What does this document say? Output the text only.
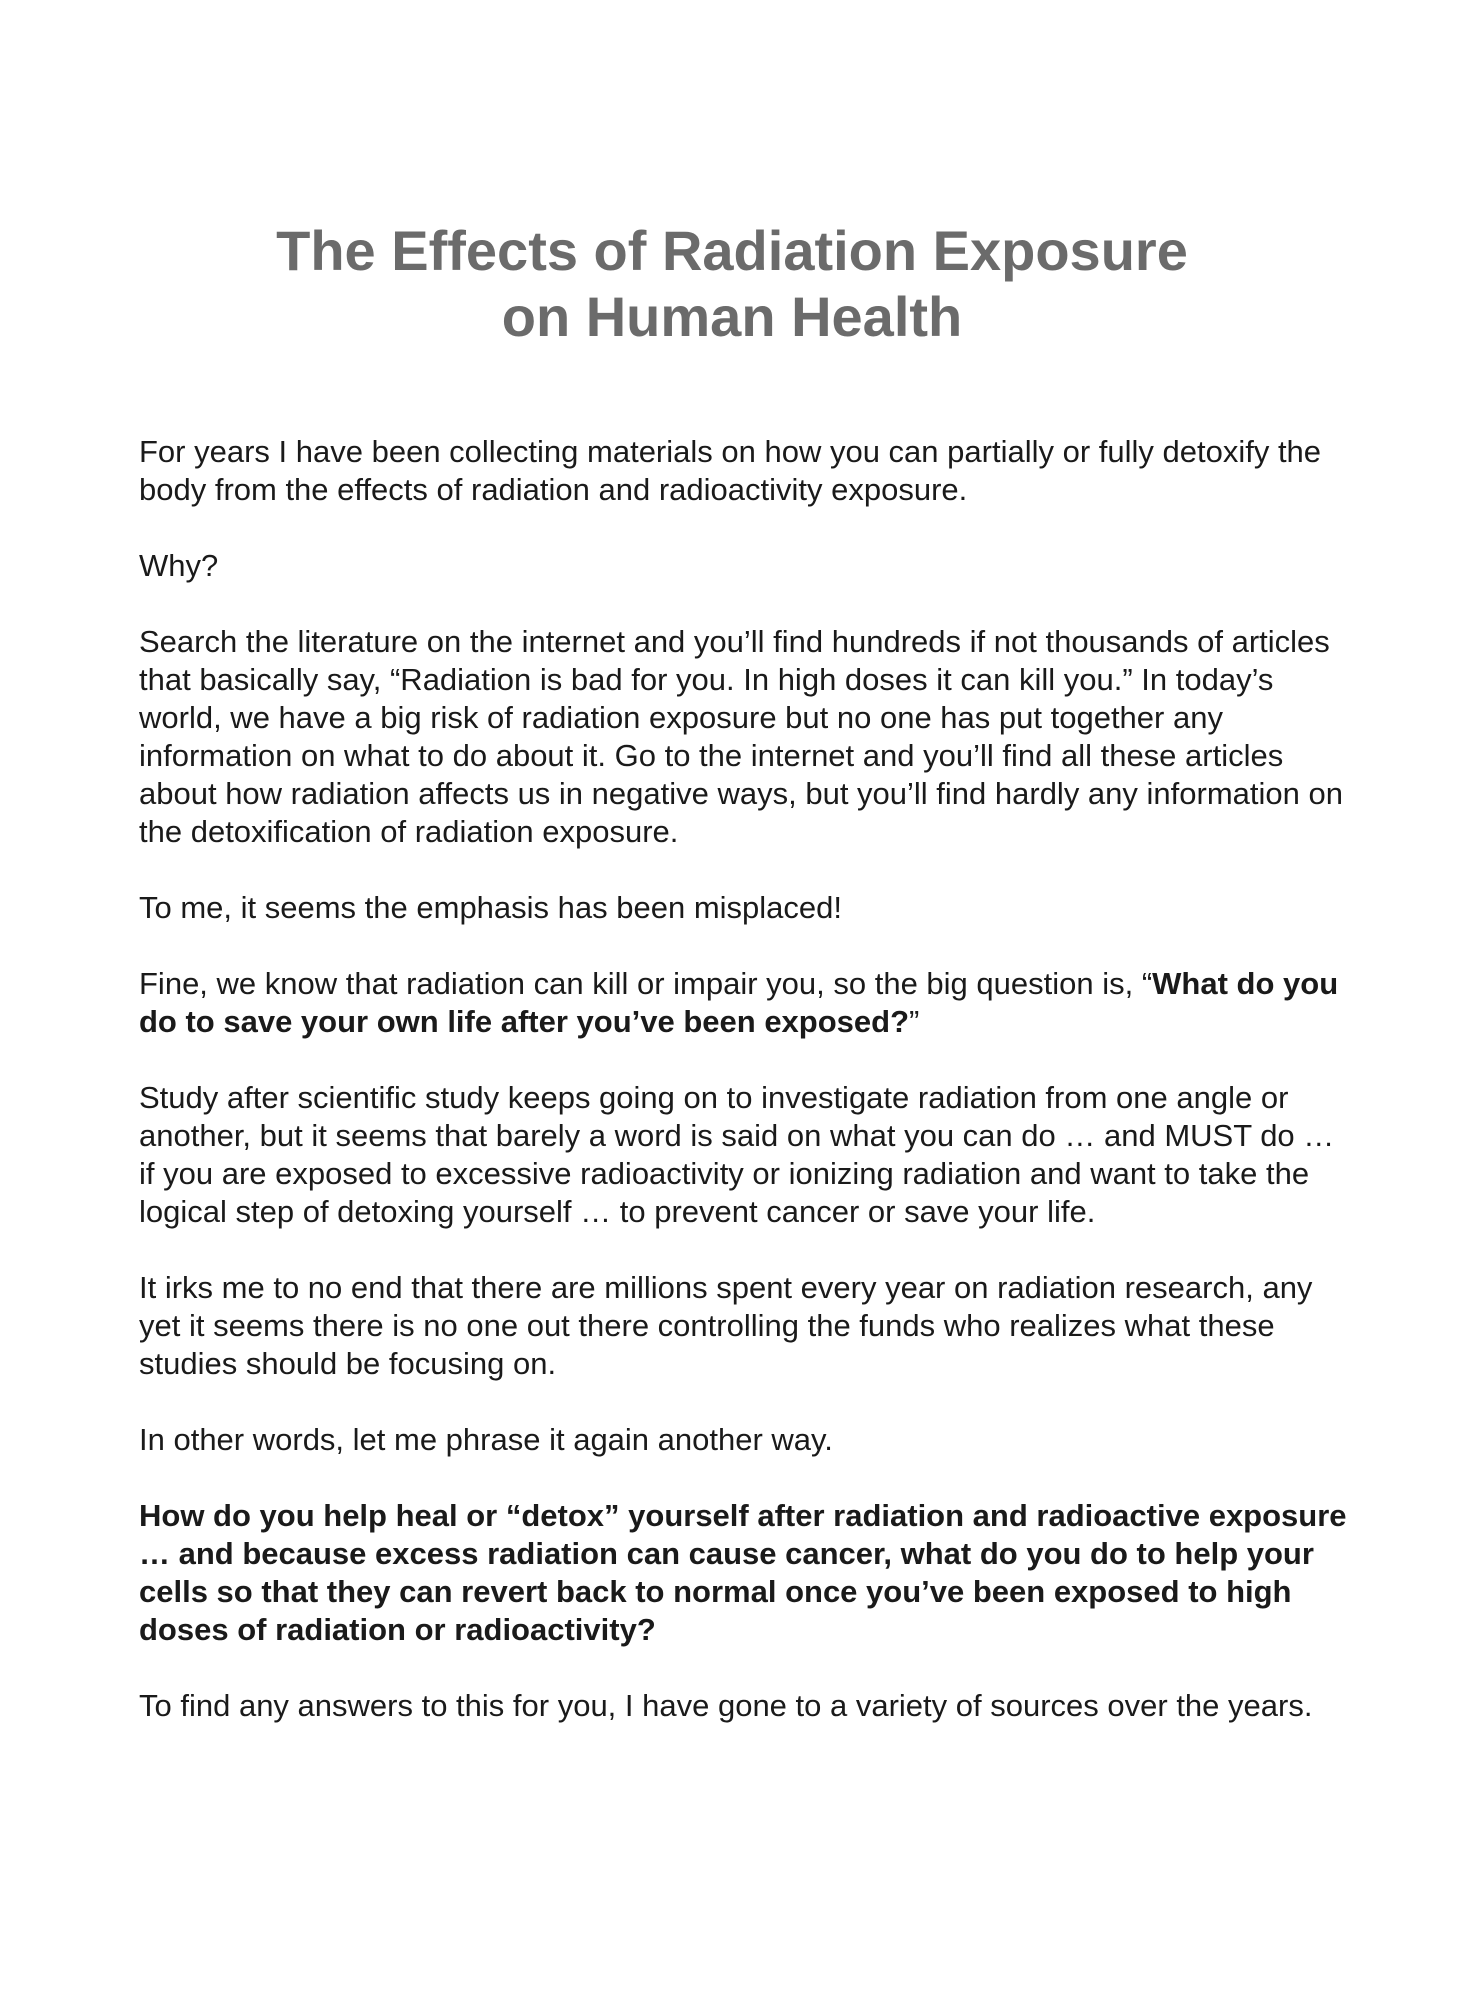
The Effects of Radiation Exposure
on Human Health

For years I have been collecting materials on how you can partially or fully detoxify the body from the effects of radiation and radioactivity exposure.

Why?

Search the literature on the internet and you’ll find hundreds if not thousands of articles that basically say, “Radiation is bad for you. In high doses it can kill you.” In today’s world, we have a big risk of radiation exposure but no one has put together any information on what to do about it. Go to the internet and you’ll find all these articles about how radiation affects us in negative ways, but you’ll find hardly any information on the detoxification of radiation exposure.

To me, it seems the emphasis has been misplaced!

Fine, we know that radiation can kill or impair you, so the big question is, “What do you do to save your own life after you’ve been exposed?”

Study after scientific study keeps going on to investigate radiation from one angle or another, but it seems that barely a word is said on what you can do … and MUST do … if you are exposed to excessive radioactivity or ionizing radiation and want to take the logical step of detoxing yourself … to prevent cancer or save your life.

It irks me to no end that there are millions spent every year on radiation research, any yet it seems there is no one out there controlling the funds who realizes what these studies should be focusing on.

In other words, let me phrase it again another way.

How do you help heal or “detox” yourself after radiation and radioactive exposure … and because excess radiation can cause cancer, what do you do to help your cells so that they can revert back to normal once you’ve been exposed to high doses of radiation or radioactivity?

To find any answers to this for you, I have gone to a variety of sources over the years.
